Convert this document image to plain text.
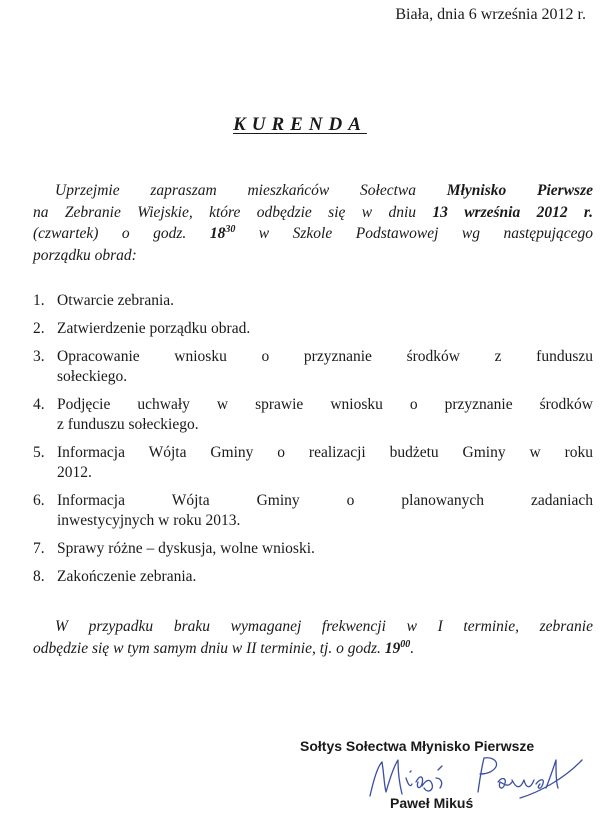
Biała, dnia 6 września 2012 r.
KURENDA
Uprzejmie zapraszam mieszkańców Sołectwa Młynisko Pierwsze
na Zebranie Wiejskie, które odbędzie się w dniu 13 września 2012 r.
(czwartek) o godz. $18^{30}$ w Szkole Podstawowej wg następującego
porządku obrad:
1. Otwarcie zebrania.
2. Zatwierdzenie porządku obrad.
3. Opracowanie wniosku o przyznanie środków z funduszu
sołeckiego.
4. Podjęcie uchwały w sprawie wniosku o przyznanie środków
z funduszu sołeckiego.
5. Informacja Wójta Gminy o realizacji budżetu Gminy w roku
2012.
6. Informacja Wójta Gminy o planowanych zadaniach
inwestycyjnych w roku 2013.
7. Sprawy różne – dyskusja, wolne wnioski.
8. Zakończenie zebrania.
W przypadku braku wymaganej frekwencji w I terminie, zebranie
odbędzie się w tym samym dniu w II terminie, tj. o godz. $19^{00}$.
Sołtys Sołectwa Młynisko Pierwsze
Paweł Mikuś
